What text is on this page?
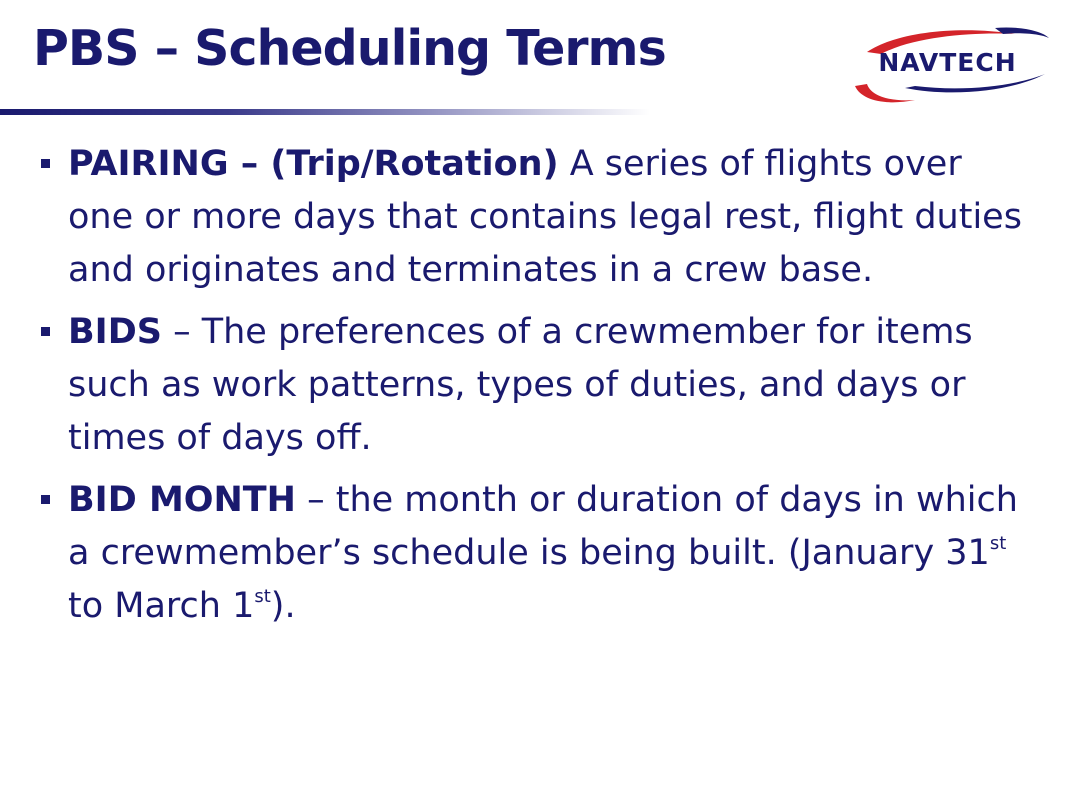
PBS – Scheduling Terms	NAVTECH
PAIRING – (Trip/Rotation) A series of flights over one or more days that contains legal rest, flight duties and originates and terminates in a crew base.
BIDS – The preferences of a crewmember for items such as work patterns, types of duties, and days or times of days off.
BID MONTH – the month or duration of days in which a crewmember’s schedule is being built. (January 31st to March 1st).
